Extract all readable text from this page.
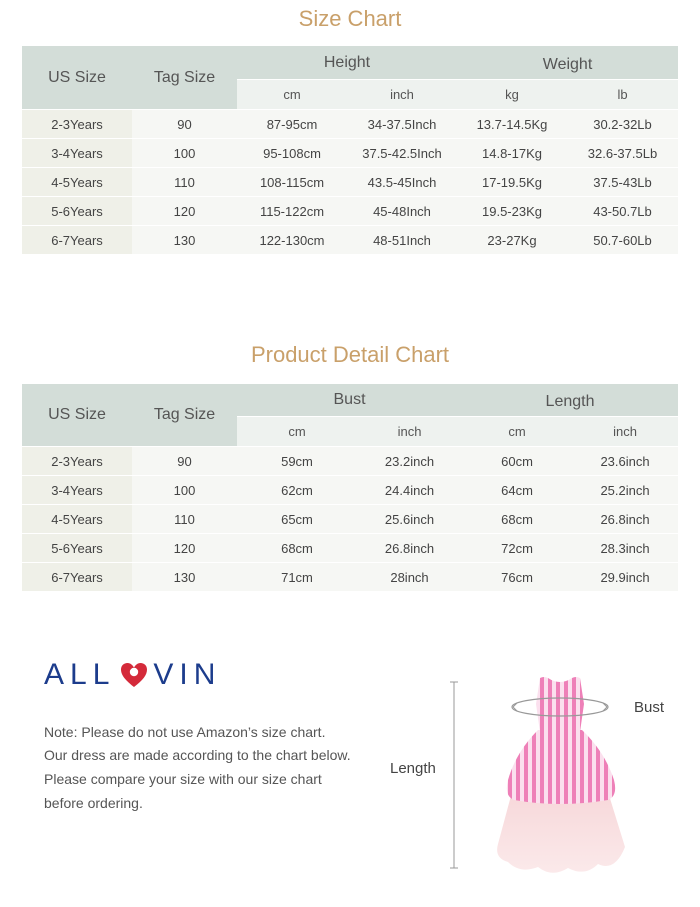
Size Chart
US Size	Tag Size	Height		Weight	
		cm	inch	kg	lb
2-3Years	90	87-95cm	34-37.5Inch	13.7-14.5Kg	30.2-32Lb
3-4Years	100	95-108cm	37.5-42.5Inch	14.8-17Kg	32.6-37.5Lb
4-5Years	110	108-115cm	43.5-45Inch	17-19.5Kg	37.5-43Lb
5-6Years	120	115-122cm	45-48Inch	19.5-23Kg	43-50.7Lb
6-7Years	130	122-130cm	48-51Inch	23-27Kg	50.7-60Lb
Product Detail Chart
US Size	Tag Size	Bust		Length	
		cm	inch	cm	inch
2-3Years	90	59cm	23.2inch	60cm	23.6inch
3-4Years	100	62cm	24.4inch	64cm	25.2inch
4-5Years	110	65cm	25.6inch	68cm	26.8inch
5-6Years	120	68cm	26.8inch	72cm	28.3inch
6-7Years	130	71cm	28inch	76cm	29.9inch
ALL VIN
Note: Please do not use Amazon’s size chart.
Our dress are made according to the chart below.
Please compare your size with our size chart
before ordering.
Length
Bust
